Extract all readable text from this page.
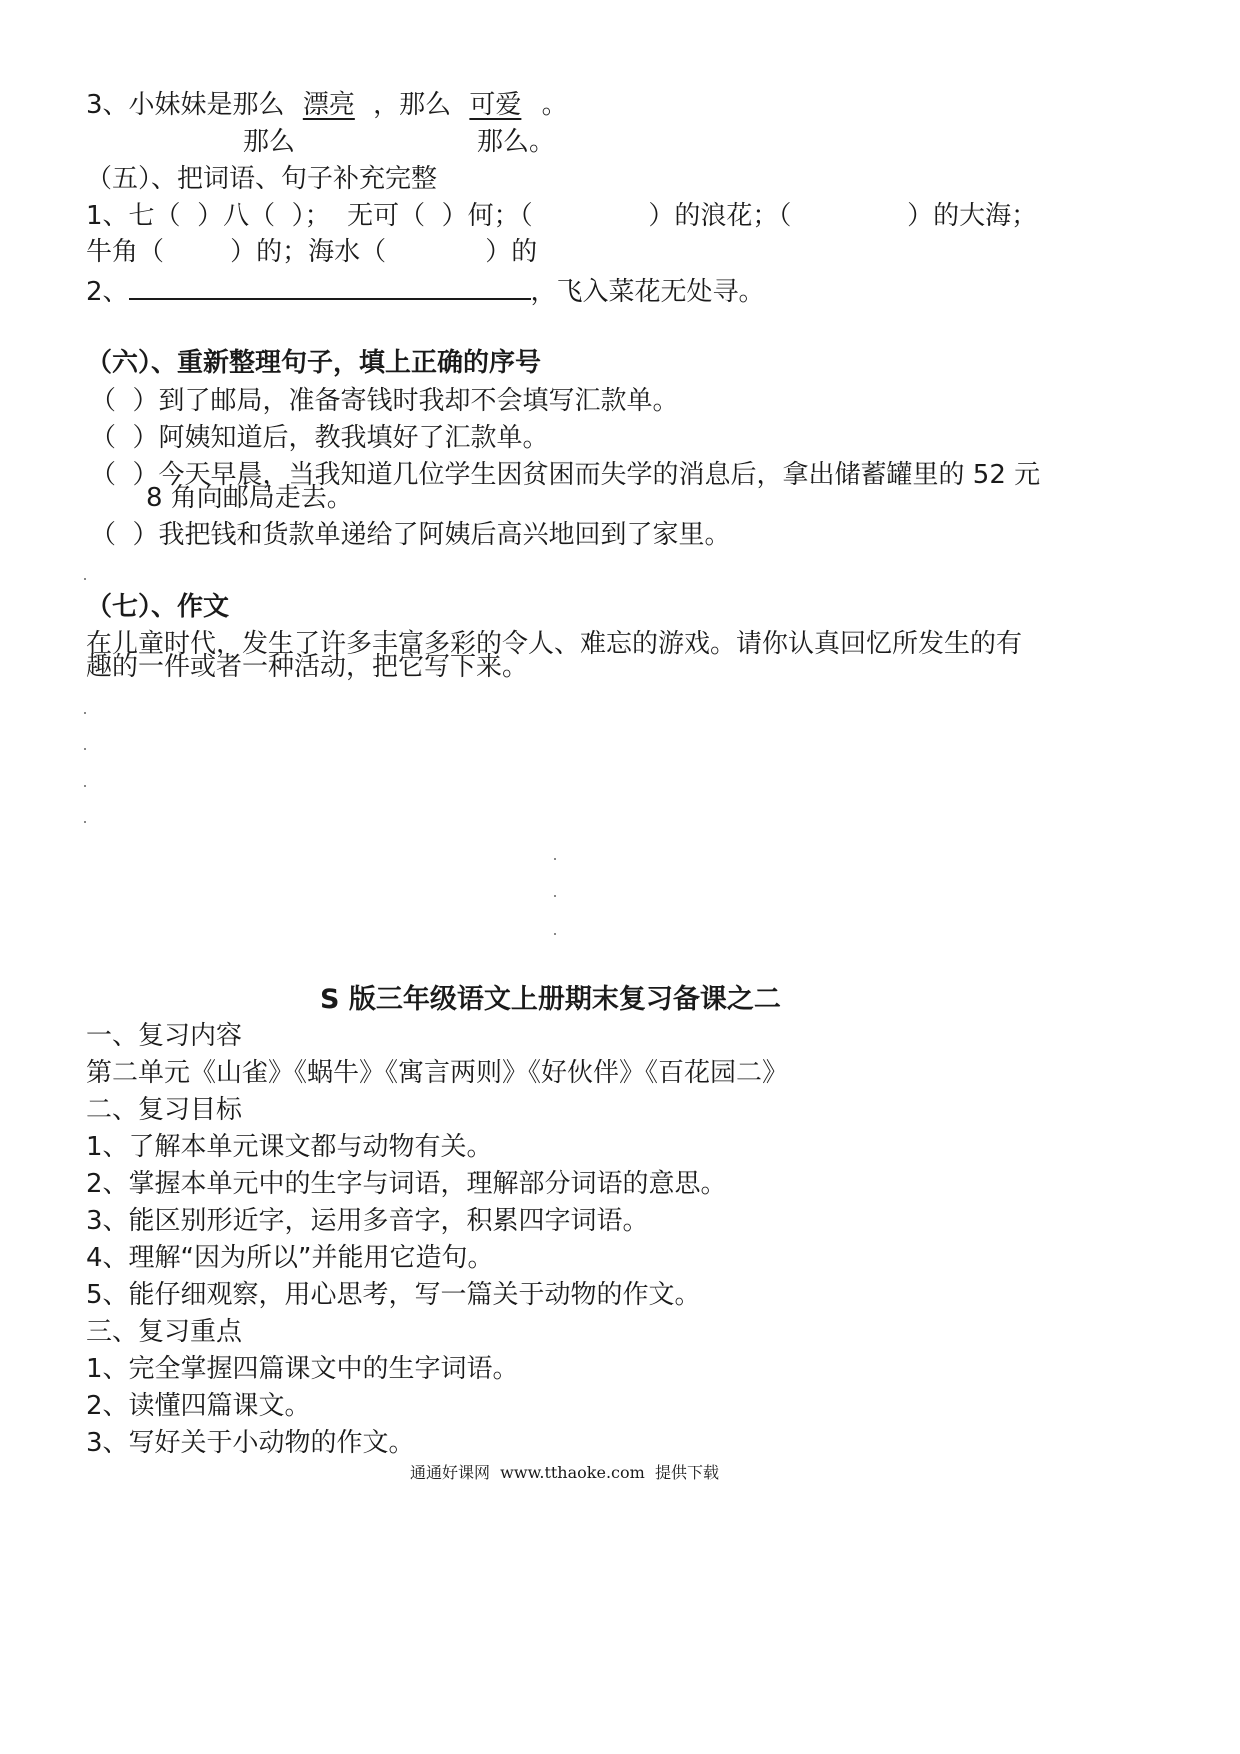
3、小妹妹是那么 漂亮 ，那么 可爱 。
那么	那么。
（五）、把词语、句子补充完整
1、七（  ）八（  ）；  无可（  ）何；（              ）的浪花；（              ）的大海；
牛角（        ）的；海水（            ）的
2、	，飞入菜花无处寻。
（六）、重新整理句子，填上正确的序号
（  ）到了邮局，准备寄钱时我却不会填写汇款单。
（  ）阿姨知道后，教我填好了汇款单。
（  ）今天早晨，当我知道几位学生因贫困而失学的消息后，拿出储蓄罐里的 52 元
8 角向邮局走去。
（  ）我把钱和货款单递给了阿姨后高兴地回到了家里。
（七）、作文
在儿童时代，发生了许多丰富多彩的令人、难忘的游戏。请你认真回忆所发生的有
趣的一件或者一种活动，把它写下来。
S 版三年级语文上册期末复习备课之二
一、复习内容
第二单元《山雀》《蜗牛》《寓言两则》《好伙伴》《百花园二》
二、复习目标
1、了解本单元课文都与动物有关。
2、掌握本单元中的生字与词语，理解部分词语的意思。
3、能区别形近字，运用多音字，积累四字词语。
4、理解“因为所以”并能用它造句。
5、能仔细观察，用心思考，写一篇关于动物的作文。
三、复习重点
1、完全掌握四篇课文中的生字词语。
2、读懂四篇课文。
3、写好关于小动物的作文。
通通好课网  www.tthaoke.com  提供下载
